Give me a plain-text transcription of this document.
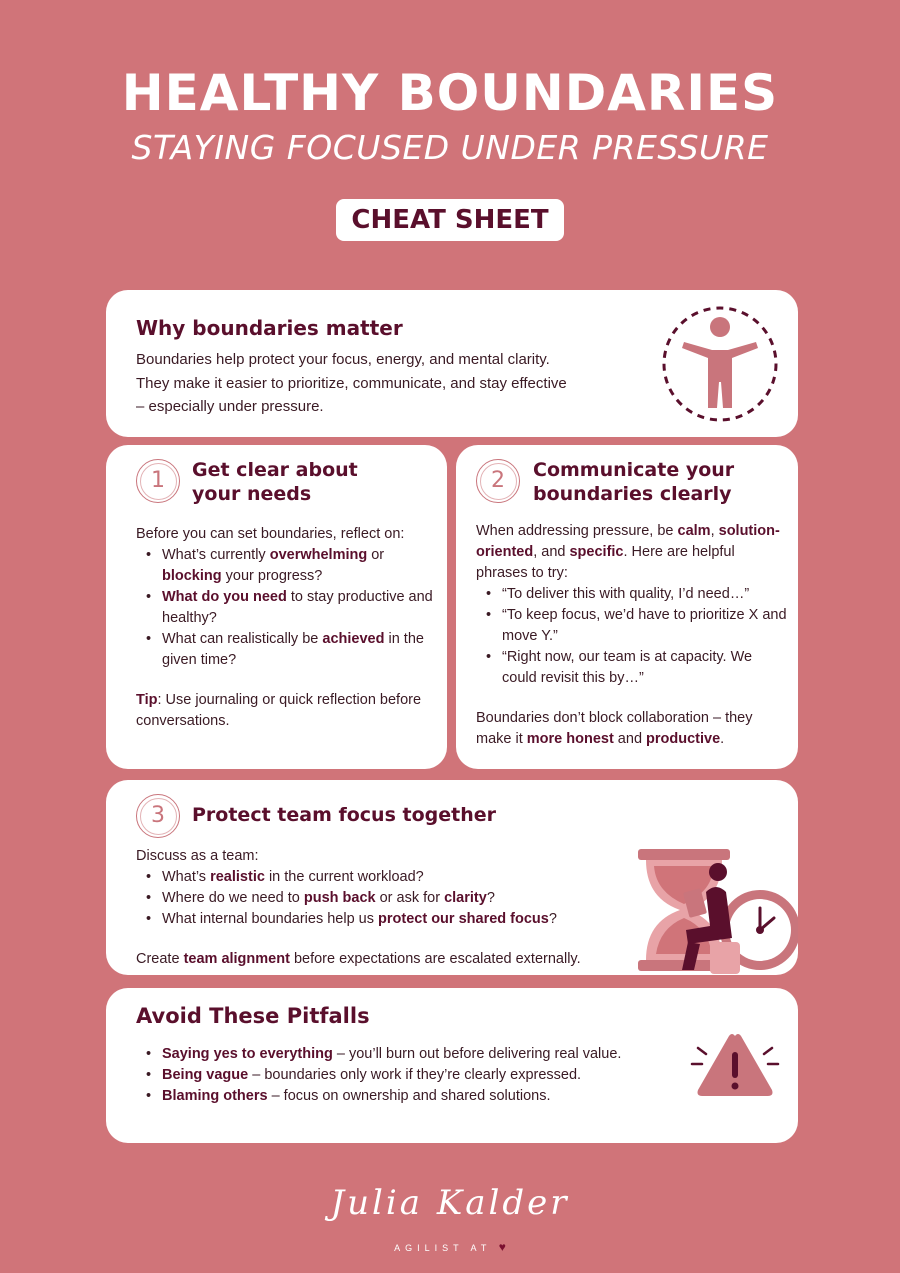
HEALTHY BOUNDARIES
STAYING FOCUSED UNDER PRESSURE
CHEAT SHEET
Why boundaries matter

Boundaries help protect your focus, energy, and mental clarity.

They make it easier to prioritize, communicate, and stay effective

– especially under pressure.

1	Get clear about
your needs

Before you can set boundaries, reflect on:

• What’s currently overwhelming or blocking your progress?
• What do you need to stay productive and healthy?
• What can realistically be achieved in the given time?

Tip: Use journaling or quick reflection before conversations.

2	Communicate your
boundaries clearly

When addressing pressure, be calm, solution-oriented, and specific. Here are helpful phrases to try:

• “To deliver this with quality, I’d need…”
• “To keep focus, we’d have to prioritize X and move Y.”
• “Right now, our team is at capacity. We could revisit this by…”

Boundaries don’t block collaboration – they make it more honest and productive.

3	Protect team focus together

Discuss as a team:

• What’s realistic in the current workload?
• Where do we need to push back or ask for clarity?
• What internal boundaries help us protect our shared focus?

Create team alignment before expectations are escalated externally.

Avoid These Pitfalls
• Saying yes to everything – you’ll burn out before delivering real value.
• Being vague – boundaries only work if they’re clearly expressed.
• Blaming others – focus on ownership and shared solutions.
Julia Kalder
AGILIST AT ♥
